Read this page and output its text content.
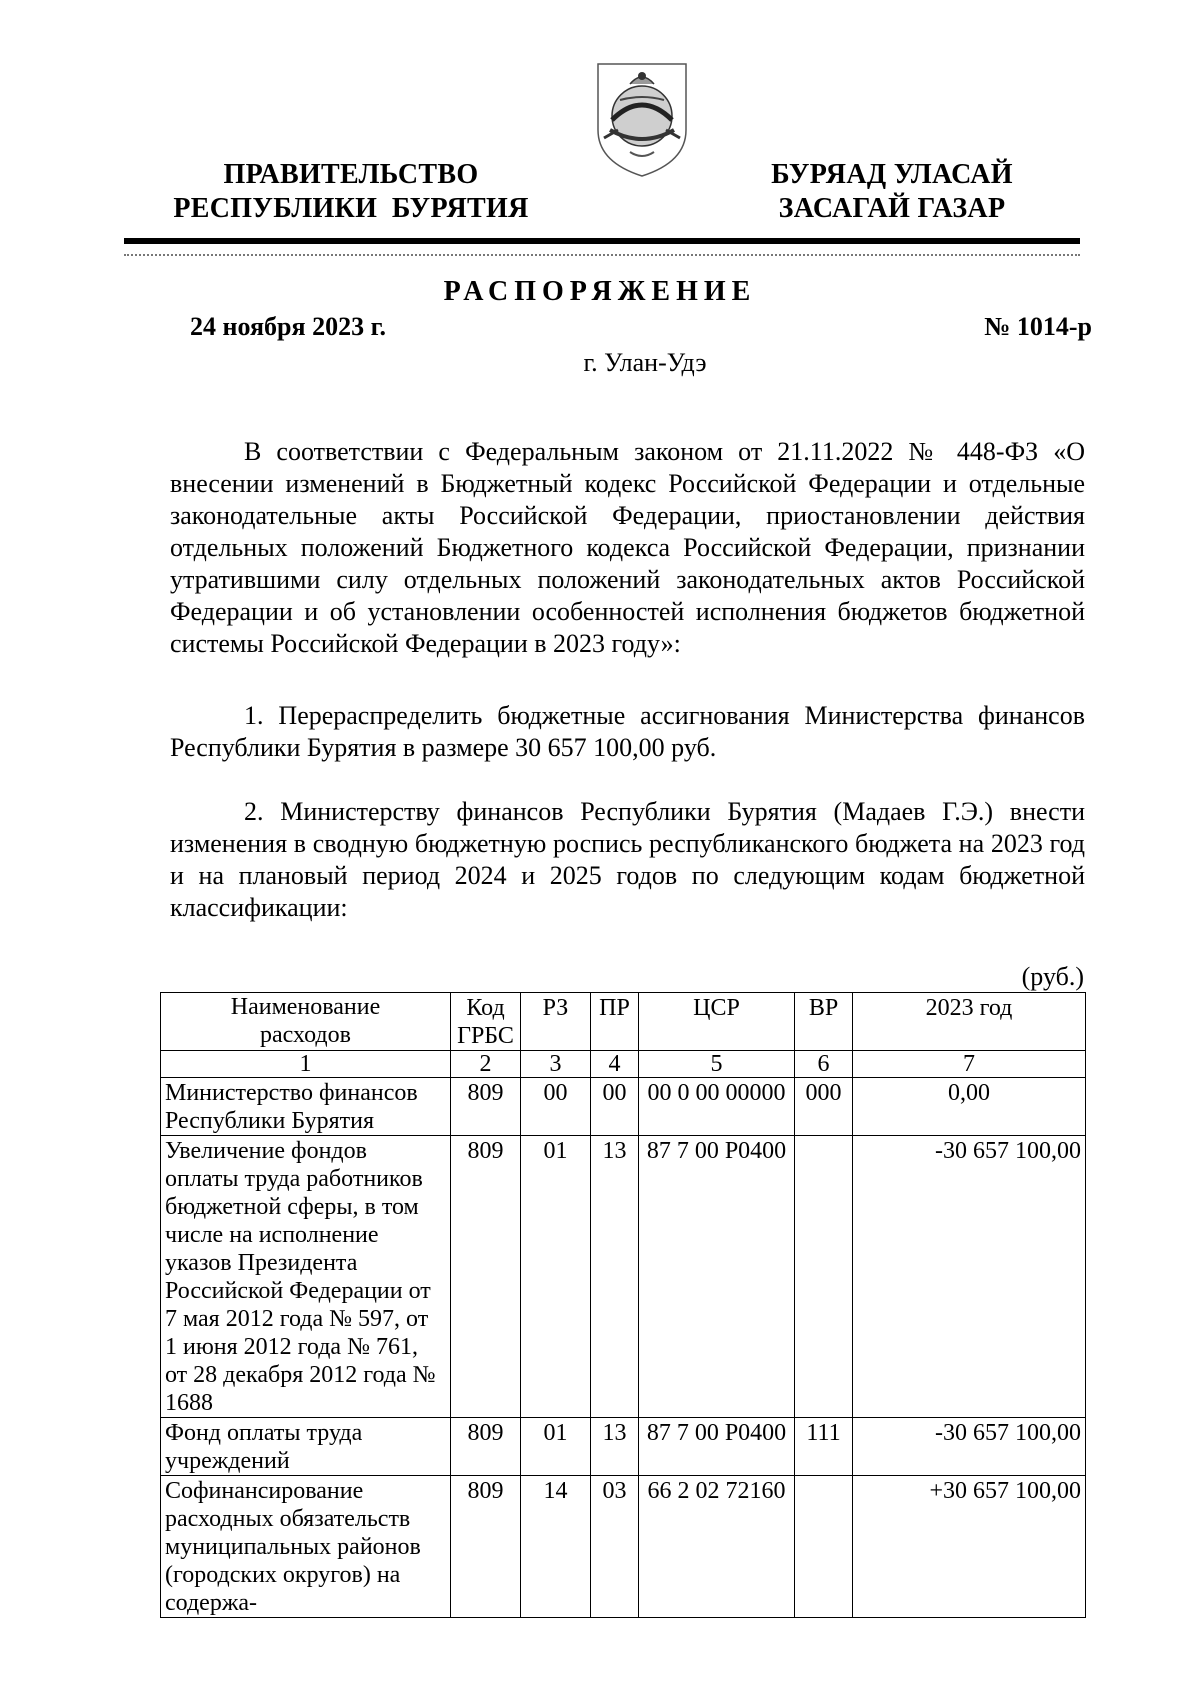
ПРАВИТЕЛЬСТВО
РЕСПУБЛИКИ  БУРЯТИЯ
БУРЯАД УЛАСАЙ
ЗАСАГАЙ ГАЗАР
РАСПОРЯЖЕНИЕ
24 ноября 2023 г.	№ 1014-р
г. Улан-Удэ

В соответствии с Федеральным законом от 21.11.2022 № 448-ФЗ «О внесении изменений в Бюджетный кодекс Российской Федерации и отдельные законодательные акты Российской Федерации, приостановлении действия отдельных положений Бюджетного кодекса Российской Федерации, признании утратившими силу отдельных положений законодательных актов Российской Федерации и об установлении особенностей исполнения бюджетов бюджетной системы Российской Федерации в 2023 году»:

1. Перераспределить бюджетные ассигнования Министерства финансов Республики Бурятия в размере 30 657 100,00 руб.

2. Министерству финансов Республики Бурятия (Мадаев Г.Э.) внести изменения в сводную бюджетную роспись республиканского бюджета на 2023 год и на плановый период 2024 и 2025 годов по следующим кодам бюджетной классификации:

(руб.)
Наименование расходов	Код ГРБС	РЗ	ПР	ЦСР	ВР	2023 год
1	2	3	4	5	6	7
Министерство финансов Республики Бурятия	809	00	00	00 0 00 00000	000	0,00
Увеличение фондов оплаты труда работников бюджетной сферы, в том числе на исполнение указов Президента Российской Федерации от 7 мая 2012 года № 597, от 1 июня 2012 года № 761, от 28 декабря 2012 года № 1688	809	01	13	87 7 00 Р0400		-30 657 100,00
Фонд оплаты труда учреждений	809	01	13	87 7 00 Р0400	111	-30 657 100,00
Софинансирование расходных обязательств муниципальных районов (городских округов) на содержа-	809	14	03	66 2 02 72160		+30 657 100,00
